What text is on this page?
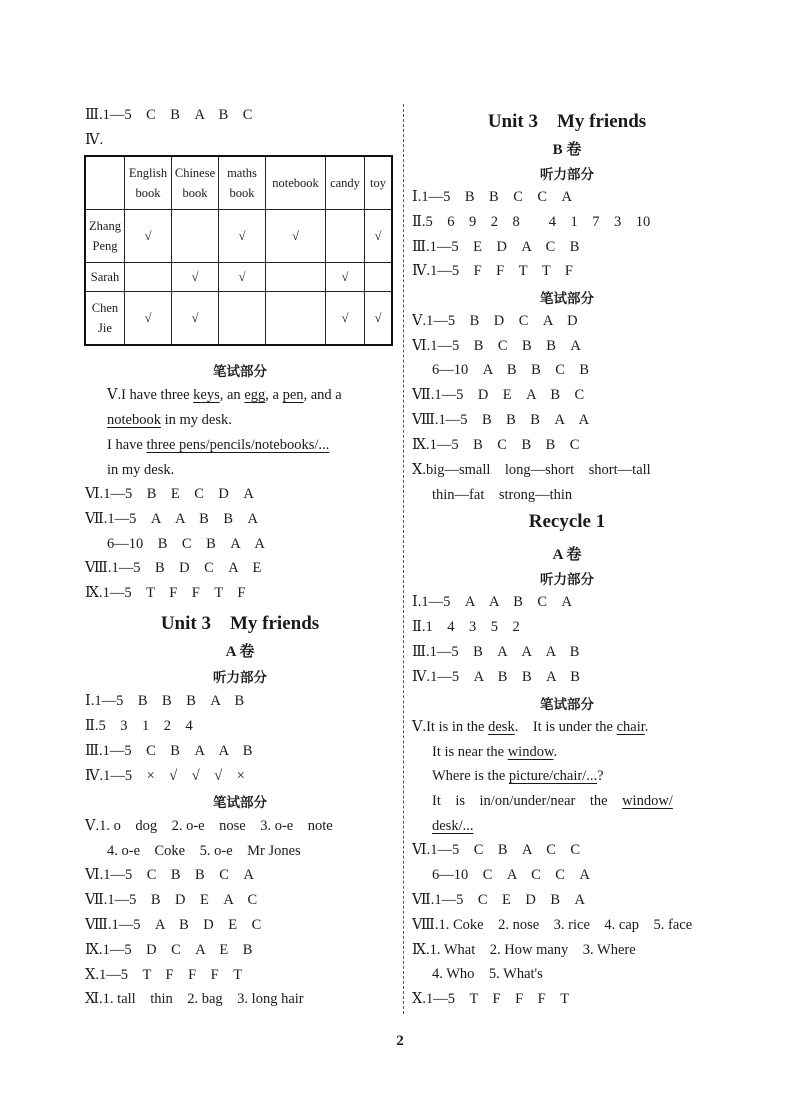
笔试部分
Unit 3　My friends
A 卷
听力部分
笔试部分
Ⅲ.1—5　C　B　A　B　C
Ⅳ.
Ⅴ.I have three keys, an egg, a pen, and a
notebook in my desk.
I have three pens/pencils/notebooks/...
in my desk.
Ⅵ.1—5　B　E　C　D　A
Ⅶ.1—5　A　A　B　B　A
6—10　B　C　B　A　A
Ⅷ.1—5　B　D　C　A　E
Ⅸ.1—5　T　F　F　T　F
Ⅰ.1—5　B　B　B　A　B
Ⅱ.5　3　1　2　4
Ⅲ.1—5　C　B　A　A　B
Ⅳ.1—5　×　√　√　√　×
Ⅴ.1. o　dog　2. o-e　nose　3. o-e　note
4. o-e　Coke　5. o-e　Mr Jones
Ⅵ.1—5　C　B　B　C　A
Ⅶ.1—5　B　D　E　A　C
Ⅷ.1—5　A　B　D　E　C
Ⅸ.1—5　D　C　A　E　B
Ⅹ.1—5　T　F　F　F　T
Ⅺ.1. tall　thin　2. bag　3. long hair
Unit 3　My friends
B 卷
听力部分
笔试部分
Recycle 1
A 卷
听力部分
笔试部分
Ⅰ.1—5　B　B　C　C　A
Ⅱ.5　6　9　2　8　　4　1　7　3　10
Ⅲ.1—5　E　D　A　C　B
Ⅳ.1—5　F　F　T　T　F
Ⅴ.1—5　B　D　C　A　D
Ⅵ.1—5　B　C　B　B　A
6—10　A　B　B　C　B
Ⅶ.1—5　D　E　A　B　C
Ⅷ.1—5　B　B　B　A　A
Ⅸ.1—5　B　C　B　B　C
Ⅹ.big—small　long—short　short—tall
thin—fat　strong—thin
Ⅰ.1—5　A　A　B　C　A
Ⅱ.1　4　3　5　2
Ⅲ.1—5　B　A　A　A　B
Ⅳ.1—5　A　B　B　A　B
Ⅴ.It is in the desk.　It is under the chair.
It is near the window.
Where is the picture/chair/...?
It　is　in/on/under/near　the　window/
desk/...
Ⅵ.1—5　C　B　A　C　C
6—10　C　A　C　C　A
Ⅶ.1—5　C　E　D　B　A
Ⅷ.1. Coke　2. nose　3. rice　4. cap　5. face
Ⅸ.1. What　2. How many　3. Where
4. Who　5. What's
Ⅹ.1—5　T　F　F　F　T
	English book	Chinese book	maths book	notebook	candy	toy
Zhang Peng	√		√	√		√
Sarah		√	√		√	
Chen Jie	√	√			√	√
2
